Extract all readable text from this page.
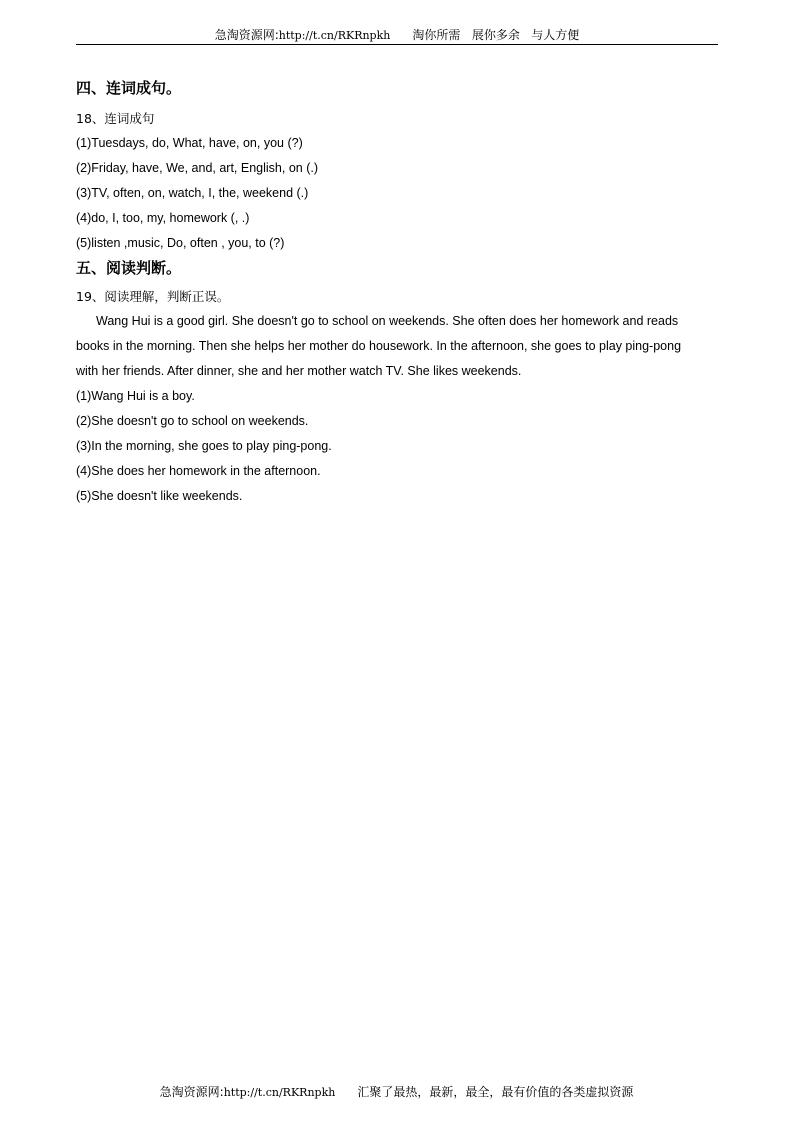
急淘资源网:http://t.cn/RKRnpkh 淘你所需 展你多余 与人方便
四、连词成句。
18、连词成句
(1)Tuesdays, do, What, have, on, you (?)
(2)Friday, have, We, and, art, English, on (.)
(3)TV, often, on, watch, I, the, weekend (.)
(4)do, I, too, my, homework (, .)
(5)listen ,music, Do, often , you, to (?)
五、阅读判断。
19、阅读理解，判断正误。

Wang Hui is a good girl. She doesn't go to school on weekends. She often does her homework and reads books in the morning. Then she helps her mother do housework. In the afternoon, she goes to play ping-pong with her friends. After dinner, she and her mother watch TV. She likes weekends.

(1)Wang Hui is a boy.
(2)She doesn't go to school on weekends.
(3)In the morning, she goes to play ping-pong.
(4)She does her homework in the afternoon.
(5)She doesn't like weekends.
急淘资源网:http://t.cn/RKRnpkh 汇聚了最热，最新，最全，最有价值的各类虚拟资源
